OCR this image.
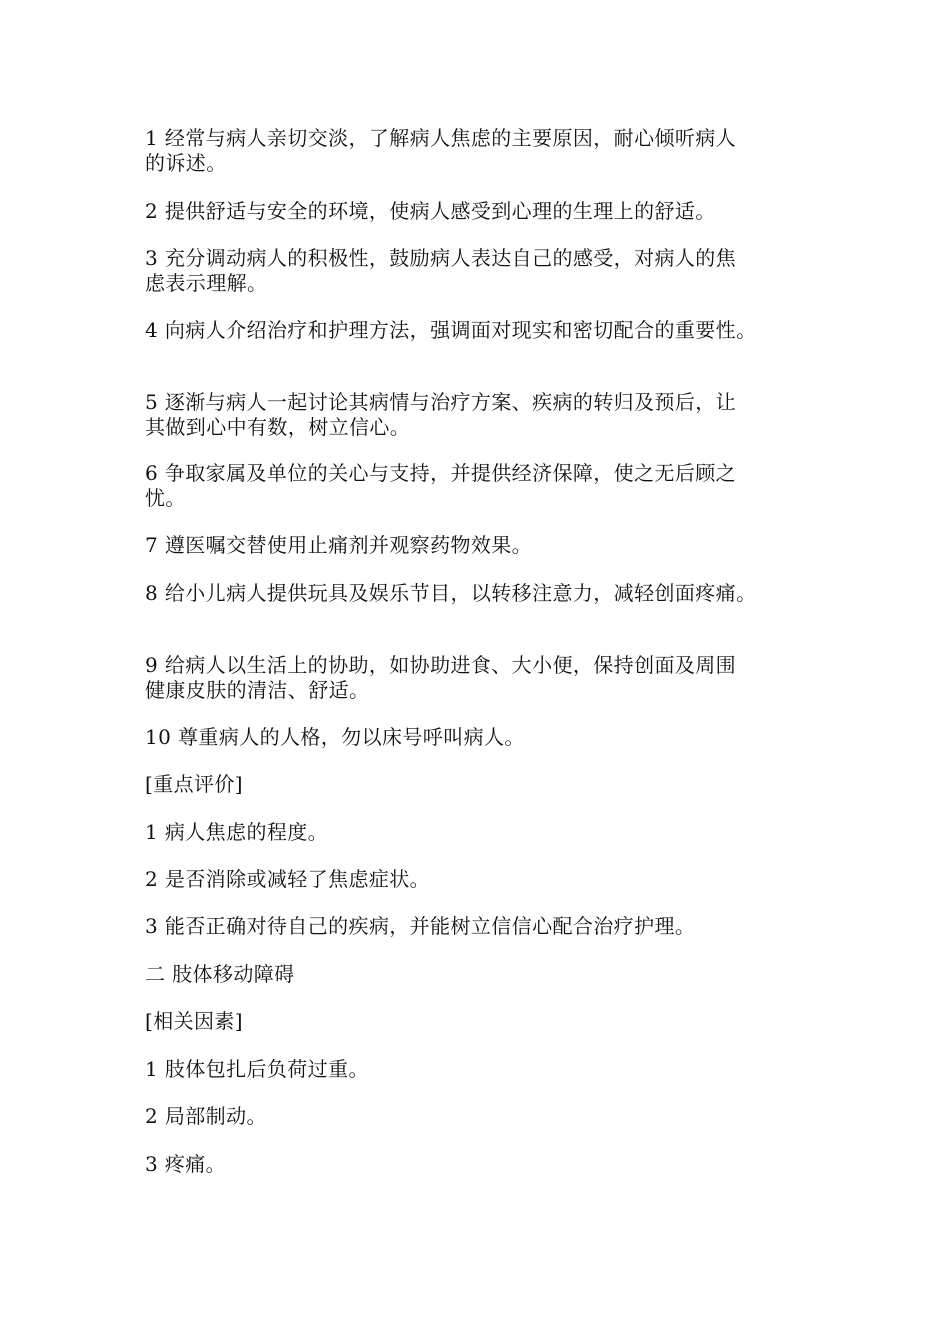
1 经常与病人亲切交淡，了解病人焦虑的主要原因，耐心倾听病人
的诉述。
2 提供舒适与安全的环境，使病人感受到心理的生理上的舒适。
3 充分调动病人的积极性，鼓励病人表达自己的感受，对病人的焦
虑表示理解。
4 向病人介绍治疗和护理方法，强调面对现实和密切配合的重要性。
5 逐渐与病人一起讨论其病情与治疗方案、疾病的转归及预后，让
其做到心中有数，树立信心。
6 争取家属及单位的关心与支持，并提供经济保障，使之无后顾之
忧。
7 遵医嘱交替使用止痛剂并观察药物效果。
8 给小儿病人提供玩具及娱乐节目，以转移注意力，减轻创面疼痛。
9 给病人以生活上的协助，如协助进食、大小便，保持创面及周围
健康皮肤的清洁、舒适。
10 尊重病人的人格，勿以床号呼叫病人。
[重点评价]
1 病人焦虑的程度。
2 是否消除或减轻了焦虑症状。
3 能否正确对待自己的疾病，并能树立信信心配合治疗护理。
二 肢体移动障碍
[相关因素]
1 肢体包扎后负荷过重。
2 局部制动。
3 疼痛。
